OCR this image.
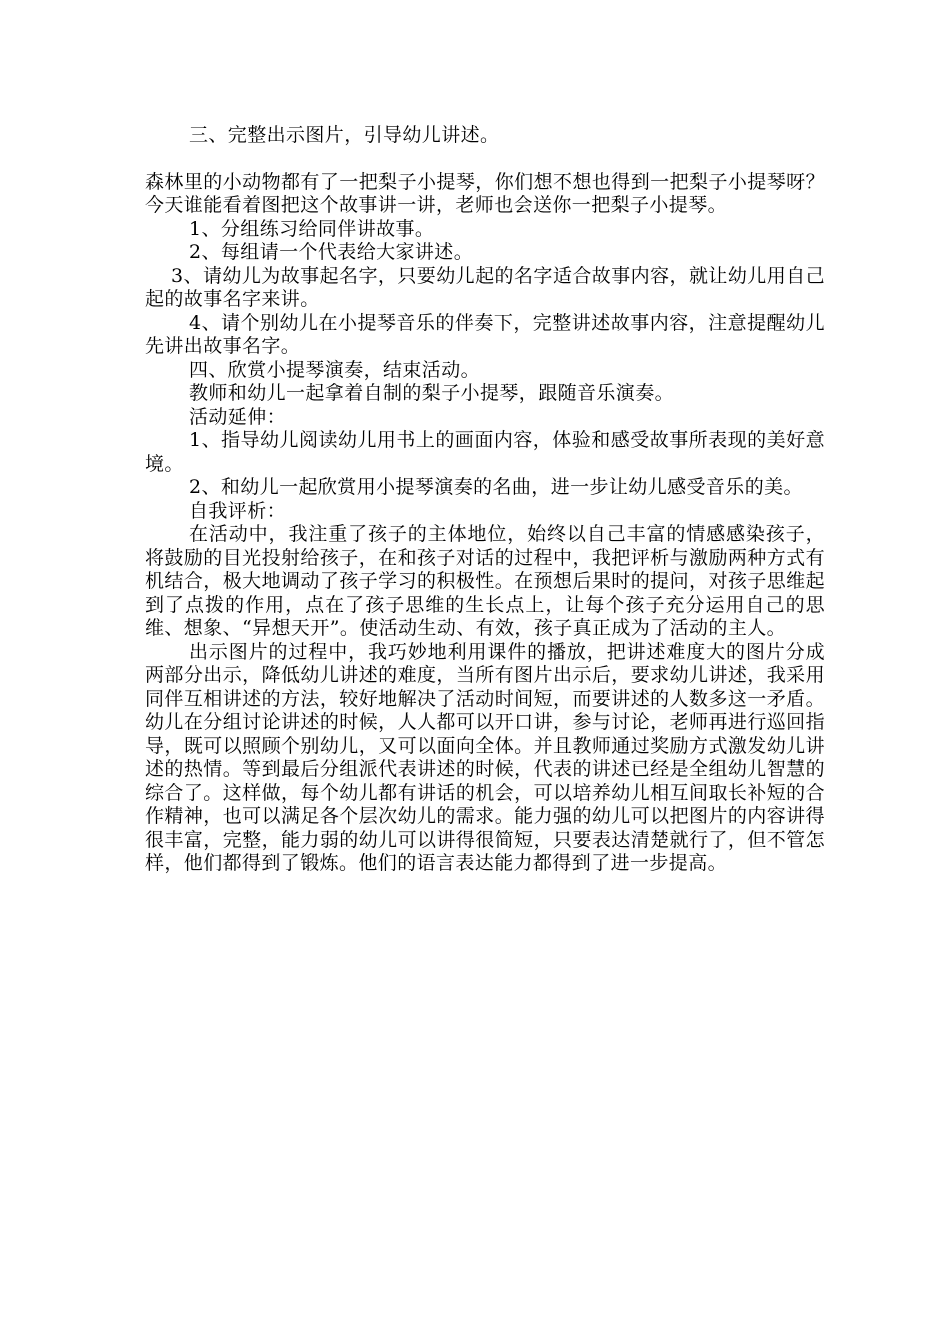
三、完整出示图片，引导幼儿讲述。

森林里的小动物都有了一把梨子小提琴，你们想不想也得到一把梨子小提琴呀？今天谁能看着图把这个故事讲一讲，老师也会送你一把梨子小提琴。

1、分组练习给同伴讲故事。

2、每组请一个代表给大家讲述。

3、请幼儿为故事起名字，只要幼儿起的名字适合故事内容，就让幼儿用自己起的故事名字来讲。

4、请个别幼儿在小提琴音乐的伴奏下，完整讲述故事内容，注意提醒幼儿先讲出故事名字。

四、欣赏小提琴演奏，结束活动。

教师和幼儿一起拿着自制的梨子小提琴，跟随音乐演奏。

活动延伸：

1、指导幼儿阅读幼儿用书上的画面内容，体验和感受故事所表现的美好意境。

2、和幼儿一起欣赏用小提琴演奏的名曲，进一步让幼儿感受音乐的美。

自我评析：

在活动中，我注重了孩子的主体地位，始终以自己丰富的情感感染孩子，将鼓励的目光投射给孩子，在和孩子对话的过程中，我把评析与激励两种方式有机结合，极大地调动了孩子学习的积极性。在预想后果时的提问，对孩子思维起到了点拨的作用，点在了孩子思维的生长点上，让每个孩子充分运用自己的思维、想象、“异想天开”。使活动生动、有效，孩子真正成为了活动的主人。

出示图片的过程中，我巧妙地利用课件的播放，把讲述难度大的图片分成两部分出示，降低幼儿讲述的难度，当所有图片出示后，要求幼儿讲述，我采用同伴互相讲述的方法，较好地解决了活动时间短，而要讲述的人数多这一矛盾。幼儿在分组讨论讲述的时候，人人都可以开口讲，参与讨论，老师再进行巡回指导，既可以照顾个别幼儿，又可以面向全体。并且教师通过奖励方式激发幼儿讲述的热情。等到最后分组派代表讲述的时候，代表的讲述已经是全组幼儿智慧的综合了。这样做，每个幼儿都有讲话的机会，可以培养幼儿相互间取长补短的合作精神，也可以满足各个层次幼儿的需求。能力强的幼儿可以把图片的内容讲得很丰富，完整，能力弱的幼儿可以讲得很简短，只要表达清楚就行了，但不管怎样，他们都得到了锻炼。他们的语言表达能力都得到了进一步提高。
